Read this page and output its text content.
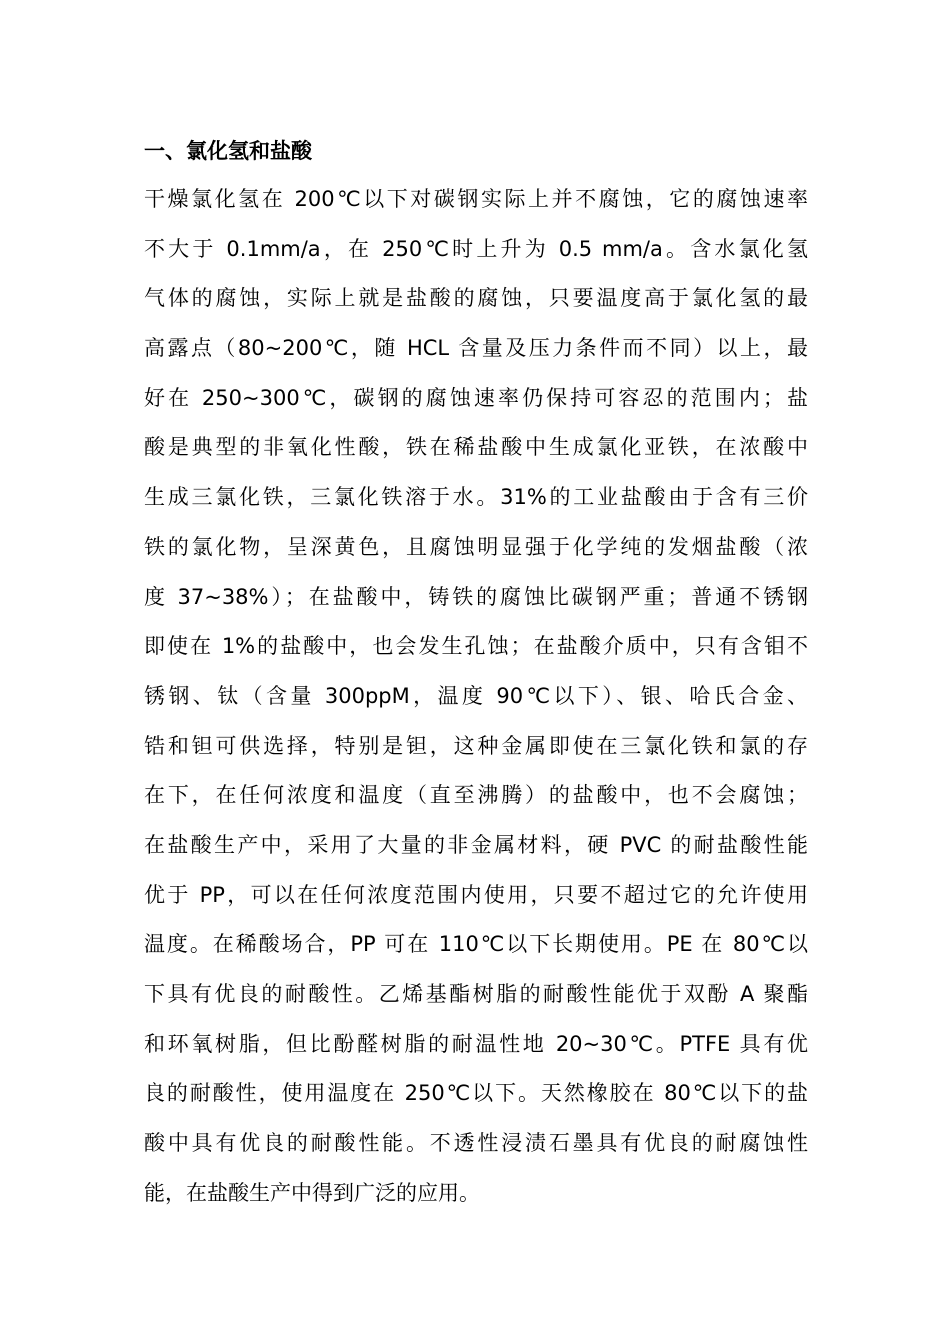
一、氯化氢和盐酸
干燥氯化氢在 200℃以下对碳钢实际上并不腐蚀，它的腐蚀速率
不大于 0.1mm/a，在 250℃时上升为 0.5 mm/a。含水氯化氢
气体的腐蚀，实际上就是盐酸的腐蚀，只要温度高于氯化氢的最
高露点（80~200℃，随 HCL 含量及压力条件而不同）以上，最
好在 250~300℃，碳钢的腐蚀速率仍保持可容忍的范围内；盐
酸是典型的非氧化性酸，铁在稀盐酸中生成氯化亚铁，在浓酸中
生成三氯化铁，三氯化铁溶于水。31%的工业盐酸由于含有三价
铁的氯化物，呈深黄色，且腐蚀明显强于化学纯的发烟盐酸（浓
度 37~38%）；在盐酸中，铸铁的腐蚀比碳钢严重；普通不锈钢
即使在 1%的盐酸中，也会发生孔蚀；在盐酸介质中，只有含钼不
锈钢、钛（含量 300ppM，温度 90℃以下）、银、哈氏合金、
锆和钽可供选择，特别是钽，这种金属即使在三氯化铁和氯的存
在下，在任何浓度和温度（直至沸腾）的盐酸中，也不会腐蚀；
在盐酸生产中，采用了大量的非金属材料，硬 PVC 的耐盐酸性能
优于 PP，可以在任何浓度范围内使用，只要不超过它的允许使用
温度。在稀酸场合，PP 可在 110℃以下长期使用。PE 在 80℃以
下具有优良的耐酸性。乙烯基酯树脂的耐酸性能优于双酚 A 聚酯
和环氧树脂，但比酚醛树脂的耐温性地 20~30℃。PTFE 具有优
良的耐酸性，使用温度在 250℃以下。天然橡胶在 80℃以下的盐
酸中具有优良的耐酸性能。不透性浸渍石墨具有优良的耐腐蚀性
能，在盐酸生产中得到广泛的应用。
